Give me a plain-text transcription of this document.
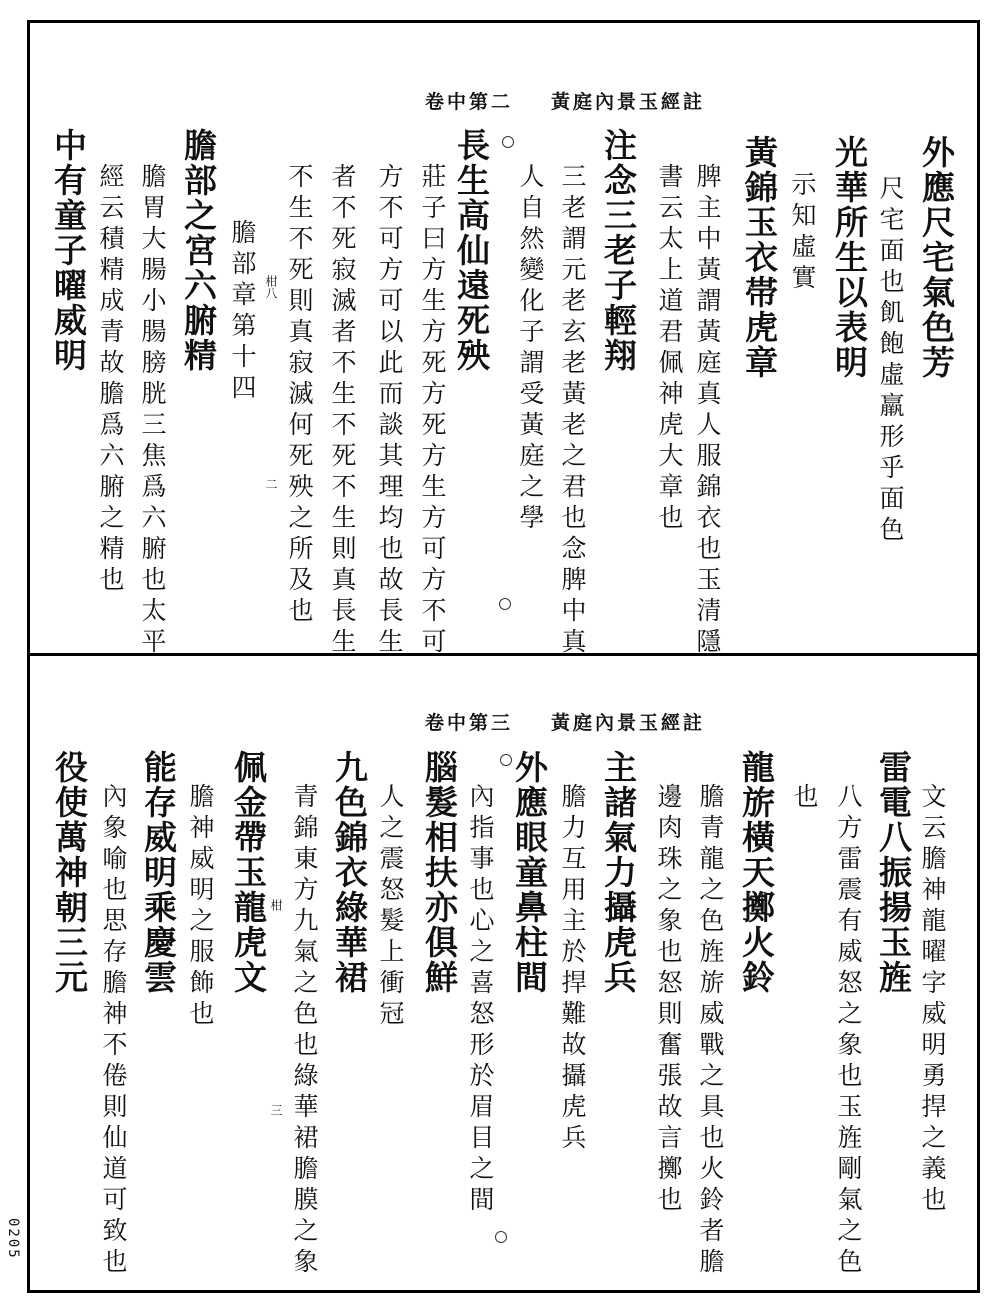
0205
卷中第二 黃庭內景玉經註
外應尺宅氣色芳
尺宅面也飢飽虛羸形乎面色
光華所生以表明
示知虛實
黃錦玉衣帯虎章
脾主中黃謂黃庭真人服錦衣也玉清隱
書云太上道君佩神虎大章也
注念三老子輕翔
三老謂元老玄老黃老之君也念脾中真
人自然變化子謂受黃庭之學
長生高仙遠死殃
莊子曰方生方死方死方生方可方不可
方不可方可以此而談其理均也故長生
者不死寂滅者不生不死不生則真長生
不生不死則真寂滅何死殃之所及也
膽部章第十四
膽部之宮六腑精
膽胃大腸小腸膀胱三焦爲六腑也太平
經云積精成青故膽爲六腑之精也
中有童子曜威明	柑八
二
卷中第三 黃庭內景玉經註
文云膽神龍曜字威明勇捍之義也
雷電八振揚玉旌
八方雷震有威怒之象也玉旌剛氣之色
也
龍旂橫天擲火鈴
膽青龍之色旌旂威戰之具也火鈴者膽
邊肉珠之象也怒則奮張故言擲也
主諸氣力攝虎兵
膽力互用主於捍難故攝虎兵
外應眼童鼻柱間
內指事也心之喜怒形於眉目之間
腦髮相扶亦俱鮮
人之震怒髮上衝冠
九色錦衣綠華裙
青錦東方九氣之色也綠華裙膽膜之象
佩金帶玉龍虎文
膽神威明之服飾也
能存威明乘慶雲
內象喻也思存膽神不倦則仙道可致也
役使萬神朝三元	柑
三
